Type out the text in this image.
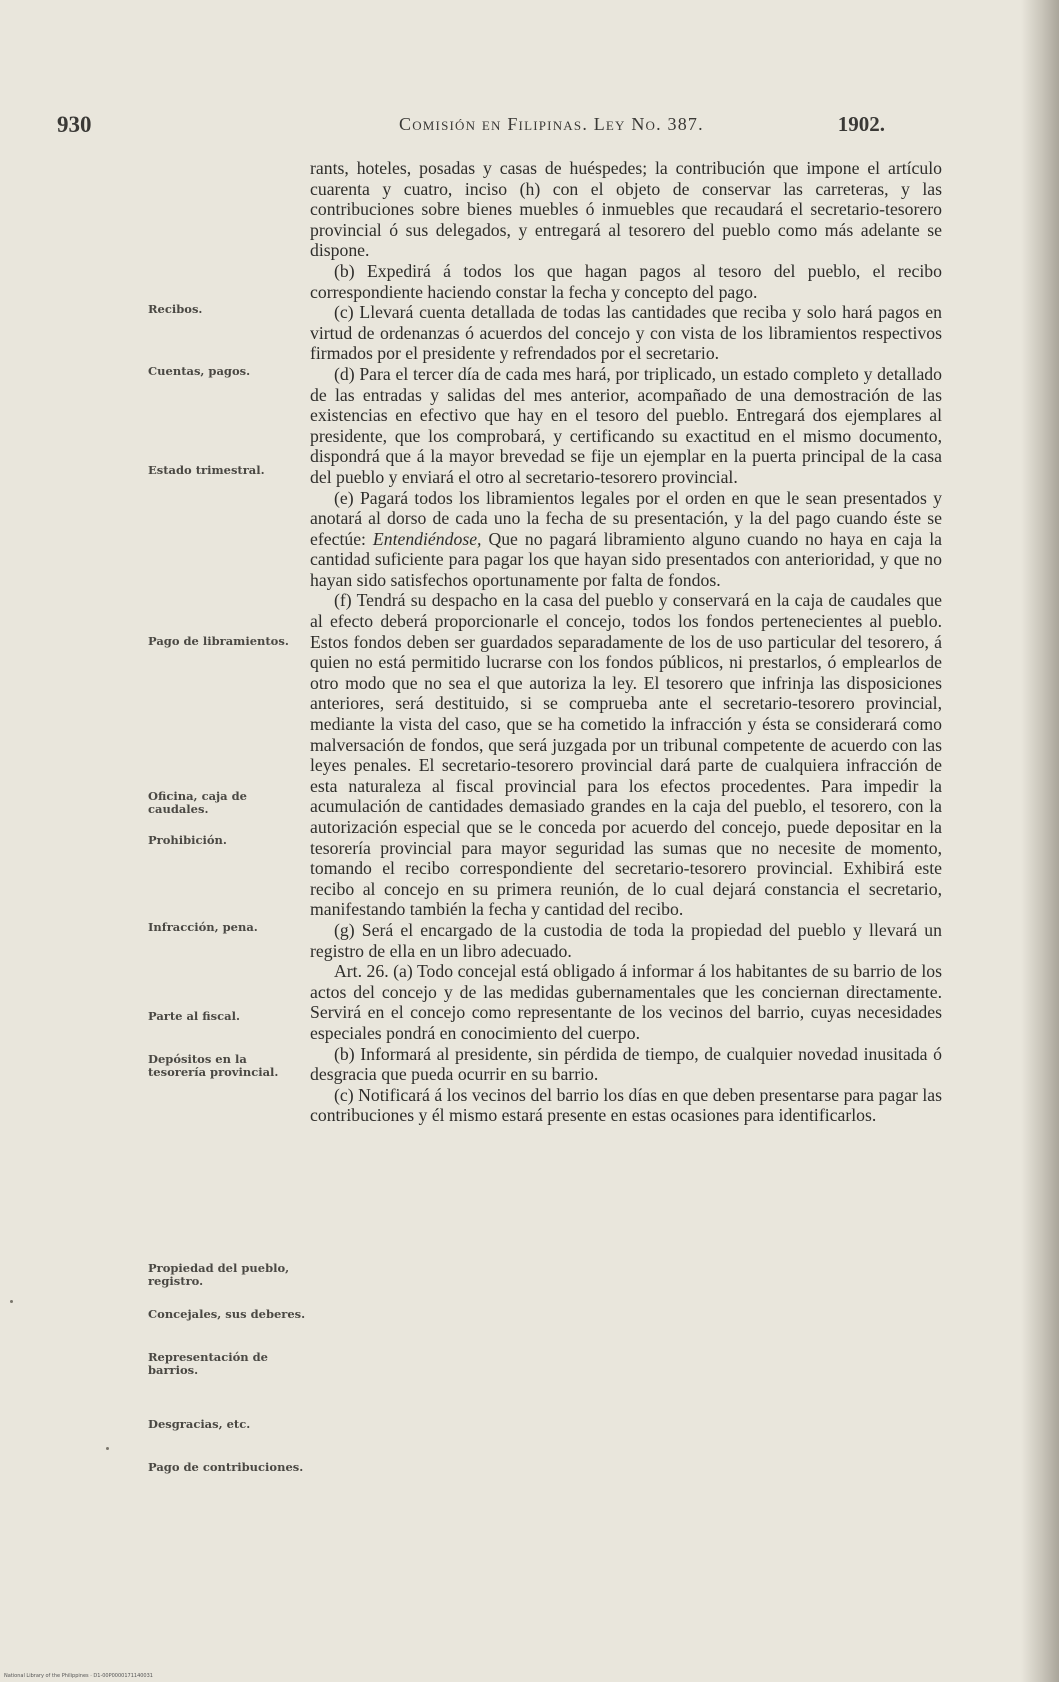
930	Comisión en Filipinas. Ley No. 387.	1902.
Recibos.
Cuentas, pagos.
Estado trimestral.
Pago de libramientos.
Oficina, caja de caudales.
Prohibición.
Infracción, pena.
Parte al fiscal.
Depósitos en la tesorería provincial.
Propiedad del pueblo, registro.
Concejales, sus deberes.
Representación de barrios.
Desgracias, etc.
Pago de contribuciones.

rants, hoteles, posadas y casas de huéspedes; la contribución que impone el artículo cuarenta y cuatro, inciso (h) con el objeto de conservar las carreteras, y las contribuciones sobre bienes muebles ó inmuebles que recaudará el secretario-tesorero provincial ó sus delegados, y entregará al tesorero del pueblo como más adelante se dispone.

(b) Expedirá á todos los que hagan pagos al tesoro del pueblo, el recibo correspondiente haciendo constar la fecha y concepto del pago.

(c) Llevará cuenta detallada de todas las cantidades que reciba y solo hará pagos en virtud de ordenanzas ó acuerdos del concejo y con vista de los libramientos respectivos firmados por el presidente y refrendados por el secretario.

(d) Para el tercer día de cada mes hará, por triplicado, un estado completo y detallado de las entradas y salidas del mes anterior, acompañado de una demostración de las existencias en efectivo que hay en el tesoro del pueblo. Entregará dos ejemplares al presidente, que los comprobará, y certificando su exactitud en el mismo documento, dispondrá que á la mayor brevedad se fije un ejemplar en la puerta principal de la casa del pueblo y enviará el otro al secretario-tesorero provincial.

(e) Pagará todos los libramientos legales por el orden en que le sean presentados y anotará al dorso de cada uno la fecha de su presentación, y la del pago cuando éste se efectúe: Entendiéndose, Que no pagará libramiento alguno cuando no haya en caja la cantidad suficiente para pagar los que hayan sido presentados con anterioridad, y que no hayan sido satisfechos oportunamente por falta de fondos.

(f) Tendrá su despacho en la casa del pueblo y conservará en la caja de caudales que al efecto deberá proporcionarle el concejo, todos los fondos pertenecientes al pueblo. Estos fondos deben ser guardados separadamente de los de uso particular del tesorero, á quien no está permitido lucrarse con los fondos públicos, ni prestarlos, ó emplearlos de otro modo que no sea el que autoriza la ley. El tesorero que infrinja las disposiciones anteriores, será destituido, si se comprueba ante el secretario-tesorero provincial, mediante la vista del caso, que se ha cometido la infracción y ésta se considerará como malversación de fondos, que será juzgada por un tribunal competente de acuerdo con las leyes penales. El secretario-tesorero provincial dará parte de cualquiera infracción de esta naturaleza al fiscal provincial para los efectos procedentes. Para impedir la acumulación de cantidades demasiado grandes en la caja del pueblo, el tesorero, con la autorización especial que se le conceda por acuerdo del concejo, puede depositar en la tesorería provincial para mayor seguridad las sumas que no necesite de momento, tomando el recibo correspondiente del secretario-tesorero provincial. Exhibirá este recibo al concejo en su primera reunión, de lo cual dejará constancia el secretario, manifestando también la fecha y cantidad del recibo.

(g) Será el encargado de la custodia de toda la propiedad del pueblo y llevará un registro de ella en un libro adecuado.

Art. 26. (a) Todo concejal está obligado á informar á los habitantes de su barrio de los actos del concejo y de las medidas gubernamentales que les conciernan directamente. Servirá en el concejo como representante de los vecinos del barrio, cuyas necesidades especiales pondrá en conocimiento del cuerpo.

(b) Informará al presidente, sin pérdida de tiempo, de cualquier novedad inusitada ó desgracia que pueda ocurrir en su barrio.

(c) Notificará á los vecinos del barrio los días en que deben presentarse para pagar las contribuciones y él mismo estará presente en estas ocasiones para identificarlos.

National Library of the Philippines · D1-00P0000171140031
